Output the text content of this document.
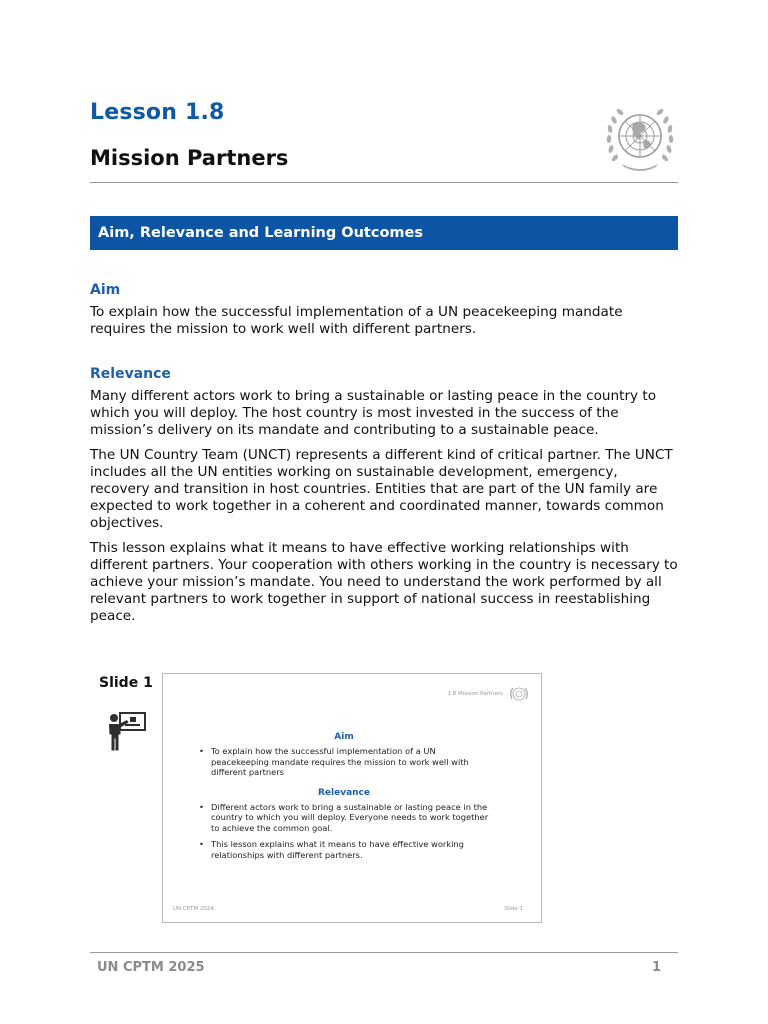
Lesson 1.8
Mission Partners
Aim, Relevance and Learning Outcomes
Aim

To explain how the successful implementation of a UN peacekeeping mandate requires the mission to work well with different partners.

Relevance

Many different actors work to bring a sustainable or lasting peace in the country to which you will deploy. The host country is most invested in the success of the mission’s delivery on its mandate and contributing to a sustainable peace.

The UN Country Team (UNCT) represents a different kind of critical partner. The UNCT includes all the UN entities working on sustainable development, emergency, recovery and transition in host countries. Entities that are part of the UN family are expected to work together in a coherent and coordinated manner, towards common objectives.

This lesson explains what it means to have effective working relationships with different partners. Your cooperation with others working in the country is necessary to achieve your mission’s mandate. You need to understand the work performed by all relevant partners to work together in support of national success in reestablishing peace.

Slide 1
1.8 Mission Partners
Aim
• To explain how the successful implementation of a UN peacekeeping mandate requires the mission to work well with different partners
Relevance
• Different actors work to bring a sustainable or lasting peace in the country to which you will deploy. Everyone needs to work together to achieve the common goal.
• This lesson explains what it means to have effective working relationships with different partners.
UN CPTM 2024	Slide 1
UN CPTM 2025	1
